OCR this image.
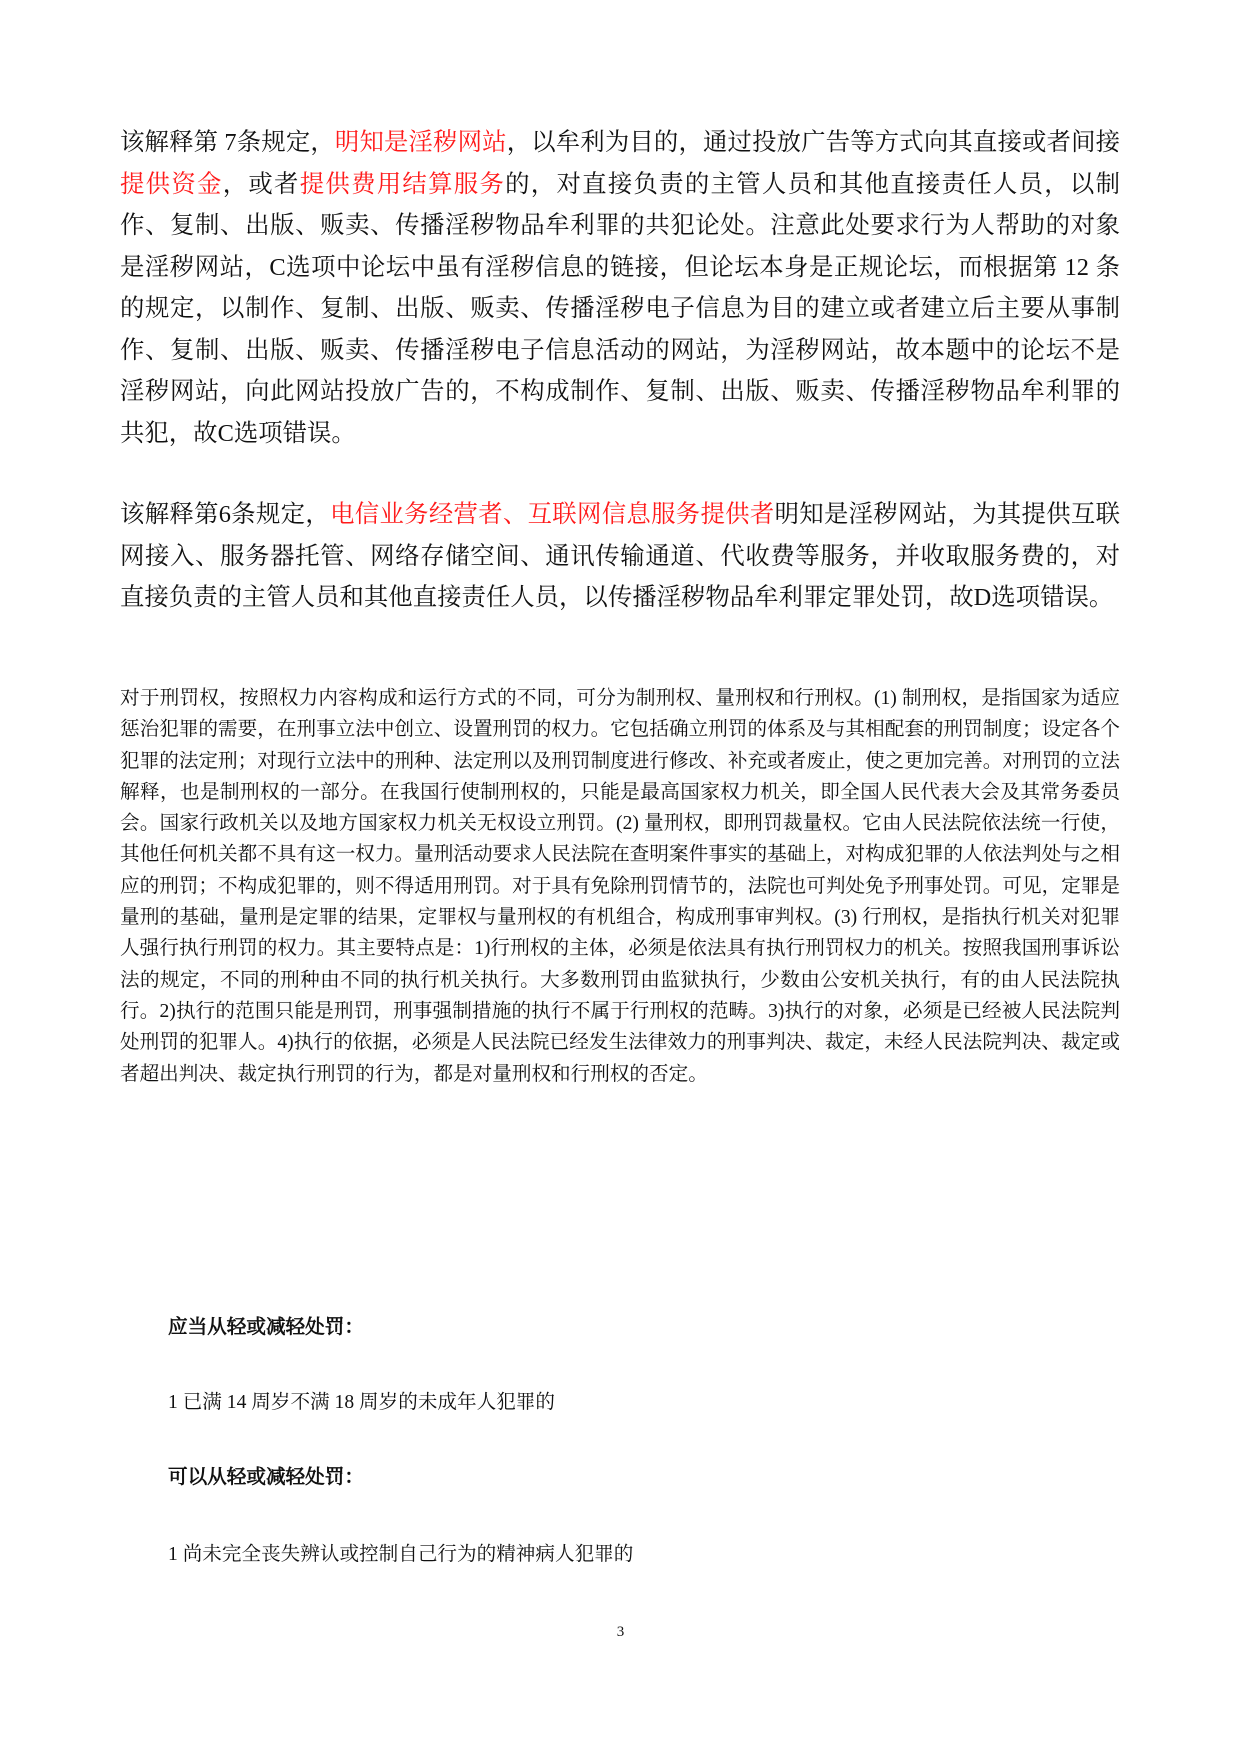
该解释第 7条规定，明知是淫秽网站，以牟利为目的，通过投放广告等方式向其直接或者间接提供资金，或者提供费用结算服务的，对直接负责的主管人员和其他直接责任人员，以制作、复制、出版、贩卖、传播淫秽物品牟利罪的共犯论处。注意此处要求行为人帮助的对象是淫秽网站，C选项中论坛中虽有淫秽信息的链接，但论坛本身是正规论坛，而根据第 12 条的规定，以制作、复制、出版、贩卖、传播淫秽电子信息为目的建立或者建立后主要从事制作、复制、出版、贩卖、传播淫秽电子信息活动的网站，为淫秽网站，故本题中的论坛不是淫秽网站，向此网站投放广告的，不构成制作、复制、出版、贩卖、传播淫秽物品牟利罪的共犯，故C选项错误。

该解释第6条规定，电信业务经营者、互联网信息服务提供者明知是淫秽网站，为其提供互联网接入、服务器托管、网络存储空间、通讯传输通道、代收费等服务，并收取服务费的，对直接负责的主管人员和其他直接责任人员，以传播淫秽物品牟利罪定罪处罚，故D选项错误。

对于刑罚权，按照权力内容构成和运行方式的不同，可分为制刑权、量刑权和行刑权。(1) 制刑权，是指国家为适应惩治犯罪的需要，在刑事立法中创立、设置刑罚的权力。它包括确立刑罚的体系及与其相配套的刑罚制度；设定各个犯罪的法定刑；对现行立法中的刑种、法定刑以及刑罚制度进行修改、补充或者废止，使之更加完善。对刑罚的立法解释，也是制刑权的一部分。在我国行使制刑权的，只能是最高国家权力机关，即全国人民代表大会及其常务委员会。国家行政机关以及地方国家权力机关无权设立刑罚。(2) 量刑权，即刑罚裁量权。它由人民法院依法统一行使，其他任何机关都不具有这一权力。量刑活动要求人民法院在查明案件事实的基础上，对构成犯罪的人依法判处与之相应的刑罚；不构成犯罪的，则不得适用刑罚。对于具有免除刑罚情节的，法院也可判处免予刑事处罚。可见，定罪是量刑的基础，量刑是定罪的结果，定罪权与量刑权的有机组合，构成刑事审判权。(3) 行刑权，是指执行机关对犯罪人强行执行刑罚的权力。其主要特点是：1)行刑权的主体，必须是依法具有执行刑罚权力的机关。按照我国刑事诉讼法的规定，不同的刑种由不同的执行机关执行。大多数刑罚由监狱执行，少数由公安机关执行，有的由人民法院执行。2)执行的范围只能是刑罚，刑事强制措施的执行不属于行刑权的范畴。3)执行的对象，必须是已经被人民法院判处刑罚的犯罪人。4)执行的依据，必须是人民法院已经发生法律效力的刑事判决、裁定，未经人民法院判决、裁定或者超出判决、裁定执行刑罚的行为，都是对量刑权和行刑权的否定。

应当从轻或减轻处罚：
1 已满 14 周岁不满 18 周岁的未成年人犯罪的
可以从轻或减轻处罚：
1 尚未完全丧失辨认或控制自己行为的精神病人犯罪的
3
